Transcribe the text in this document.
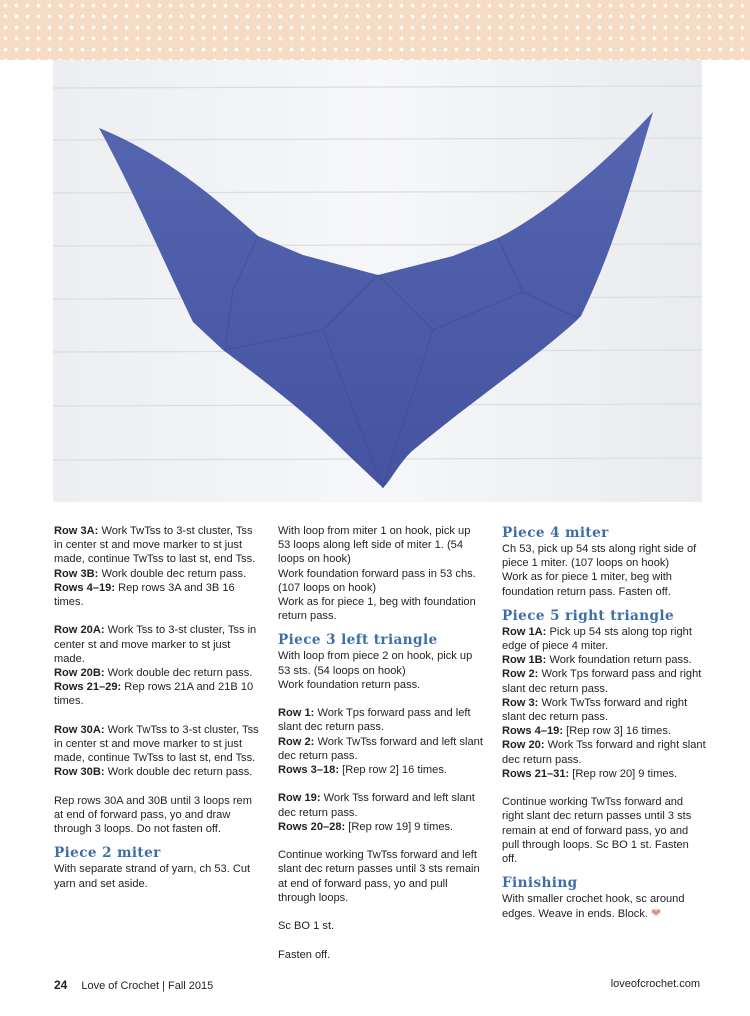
Row 3A: Work TwTss to 3-st cluster, Tss in center st and move marker to st just made, continue TwTss to last st, end Tss.
Row 3B: Work double dec return pass.
Rows 4–19: Rep rows 3A and 3B 16 times.
Row 20A: Work Tss to 3-st cluster, Tss in center st and move marker to st just made.
Row 20B: Work double dec return pass.
Rows 21–29: Rep rows 21A and 21B 10 times.
Row 30A: Work TwTss to 3-st cluster, Tss in center st and move marker to st just made, continue TwTss to last st, end Tss.
Row 30B: Work double dec return pass.
Rep rows 30A and 30B until 3 loops rem at end of forward pass, yo and draw through 3 loops. Do not fasten off.
Piece 2 miter
With separate strand of yarn, ch 53. Cut yarn and set aside.
With loop from miter 1 on hook, pick up 53 loops along left side of miter 1. (54 loops on hook)
Work foundation forward pass in 53 chs. (107 loops on hook)
Work as for piece 1, beg with foundation return pass.
Piece 3 left triangle
With loop from piece 2 on hook, pick up 53 sts. (54 loops on hook)
Work foundation return pass.
Row 1: Work Tps forward pass and left slant dec return pass.
Row 2: Work TwTss forward and left slant dec return pass.
Rows 3–18: [Rep row 2] 16 times.
Row 19: Work Tss forward and left slant dec return pass.
Rows 20–28: [Rep row 19] 9 times.
Continue working TwTss forward and left slant dec return passes until 3 sts remain at end of forward pass, yo and pull through loops.
Sc BO 1 st.
Fasten off.
Piece 4 miter
Ch 53, pick up 54 sts along right side of piece 1 miter. (107 loops on hook)
Work as for piece 1 miter, beg with foundation return pass. Fasten off.
Piece 5 right triangle
Row 1A: Pick up 54 sts along top right edge of piece 4 miter.
Row 1B: Work foundation return pass.
Row 2: Work Tps forward pass and right slant dec return pass.
Row 3: Work TwTss forward and right slant dec return pass.
Rows 4–19: [Rep row 3] 16 times.
Row 20: Work Tss forward and right slant dec return pass.
Rows 21–31: [Rep row 20] 9 times.
Continue working TwTss forward and right slant dec return passes until 3 sts remain at end of forward pass, yo and pull through loops. Sc BO 1 st. Fasten off.
Finishing
With smaller crochet hook, sc around edges. Weave in ends. Block. ❤
24 Love of Crochet | Fall 2015	loveofcrochet.com
